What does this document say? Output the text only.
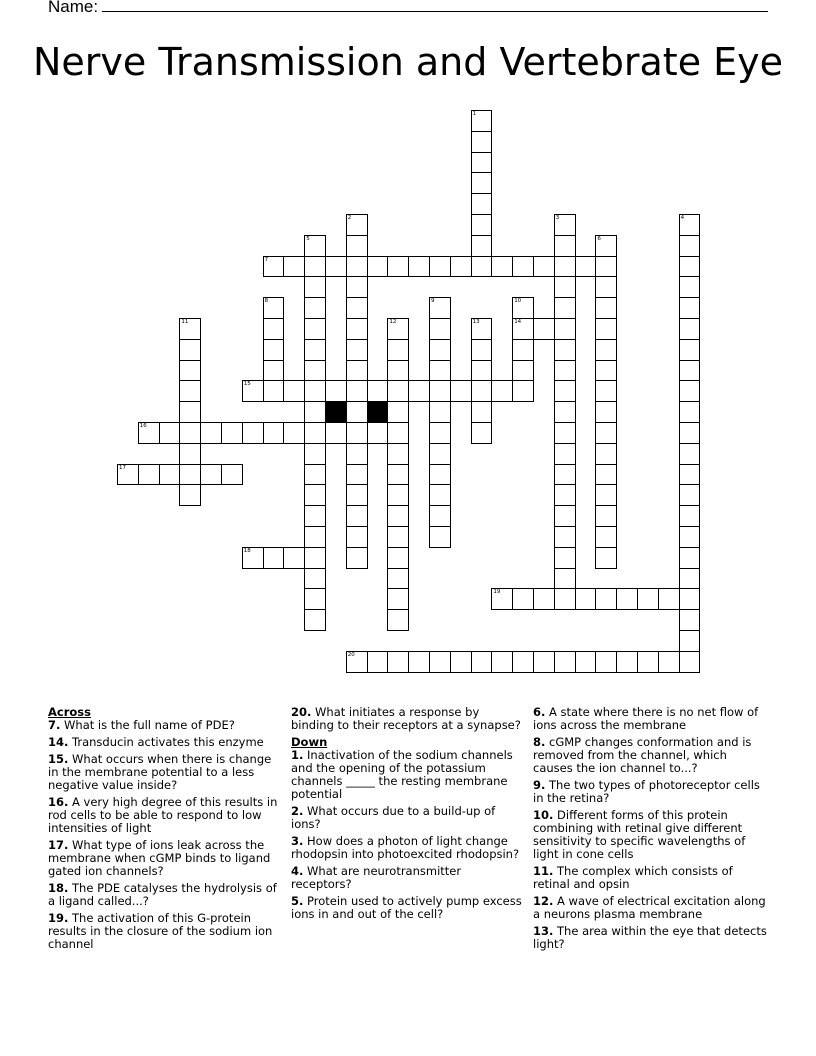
Name:
Nerve Transmission and Vertebrate Eye
1
2	3	4
5	6
7
8	9	10
14
11	12	13
15
16
17
18
19
20

Across

7. What is the full name of PDE?

14. Transducin activates this enzyme

15. What occurs when there is change in the membrane potential to a less negative value inside?

16. A very high degree of this results in rod cells to be able to respond to low intensities of light

17. What type of ions leak across the membrane when cGMP binds to ligand gated ion channels?

18. The PDE catalyses the hydrolysis of a ligand called...?

19. The activation of this G-protein results in the closure of the sodium ion channel

20. What initiates a response by binding to their receptors at a synapse?

Down

1. Inactivation of the sodium channels and the opening of the potassium channels _____ the resting membrane potential

2. What occurs due to a build-up of ions?

3. How does a photon of light change rhodopsin into photoexcited rhodopsin?

4. What are neurotransmitter receptors?

5. Protein used to actively pump excess ions in and out of the cell?

6. A state where there is no net flow of ions across the membrane

8. cGMP changes conformation and is removed from the channel, which causes the ion channel to...?

9. The two types of photoreceptor cells in the retina?

10. Different forms of this protein combining with retinal give different sensitivity to specific wavelengths of light in cone cells

11. The complex which consists of retinal and opsin

12. A wave of electrical excitation along a neurons plasma membrane

13. The area within the eye that detects light?
